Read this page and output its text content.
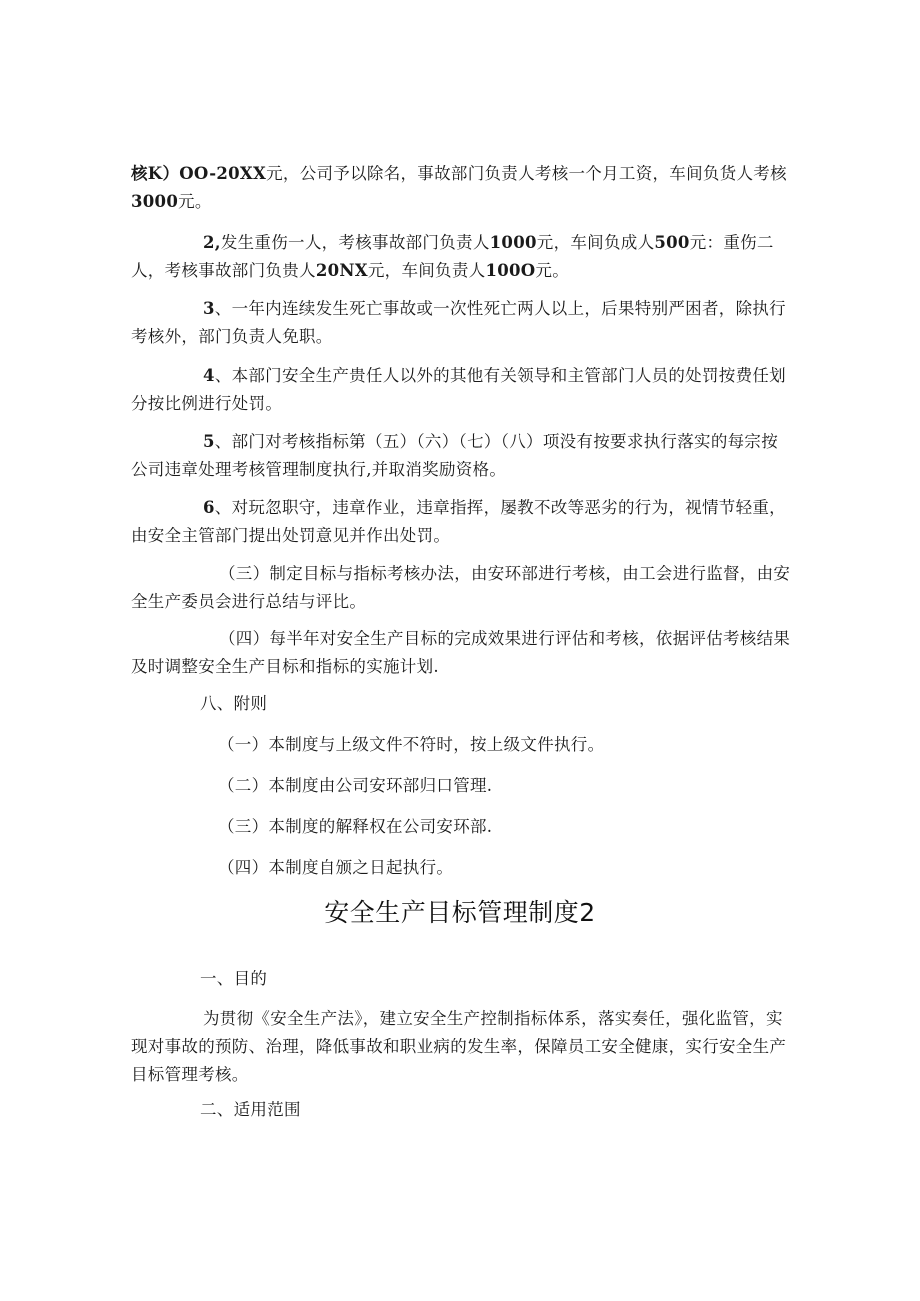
核K）OO-20XX元，公司予以除名，事故部门负责人考核一个月工资，车间负货人考核3000元。
2,发生重伤一人，考核事故部门负责人1000元，车间负成人500元：重伤二人，考核事故部门负贵人20NX元，车间负责人100O元。
3、一年内连续发生死亡事故或一次性死亡两人以上，后果特别严困者，除执行考核外，部门负责人免职。
4、本部门安全生产贵任人以外的其他有关领导和主管部门人员的处罚按费任划分按比例进行处罚。
5、部门对考核指标第（五）（六）（七）（八）项没有按要求执行落实的每宗按公司违章处理考核管理制度执行,并取消奖励资格。
6、对玩忽职守，违章作业，违章指挥，屡教不改等恶劣的行为，视情节轻重，由安全主管部门提出处罚意见并作出处罚。
（三）制定目标与指标考核办法，由安环部进行考核，由工会进行监督，由安全生产委员会进行总结与评比。
（四）每半年对安全生产目标的完成效果进行评估和考核，依据评估考核结果及时调整安全生产目标和指标的实施计划.
八、附则
（一）本制度与上级文件不符时，按上级文件执行。
（二）本制度由公司安环部归口管理.
（三）本制度的解释权在公司安环部.
（四）本制度自颁之日起执行。
安全生产目标管理制度2
一、目的
为贯彻《安全生产法》，建立安全生产控制指标体系，落实奏任，强化监管，实现对事故的预防、治理，降低事故和职业病的发生率，保障员工安全健康，实行安全生产目标管理考核。
二、适用范围
